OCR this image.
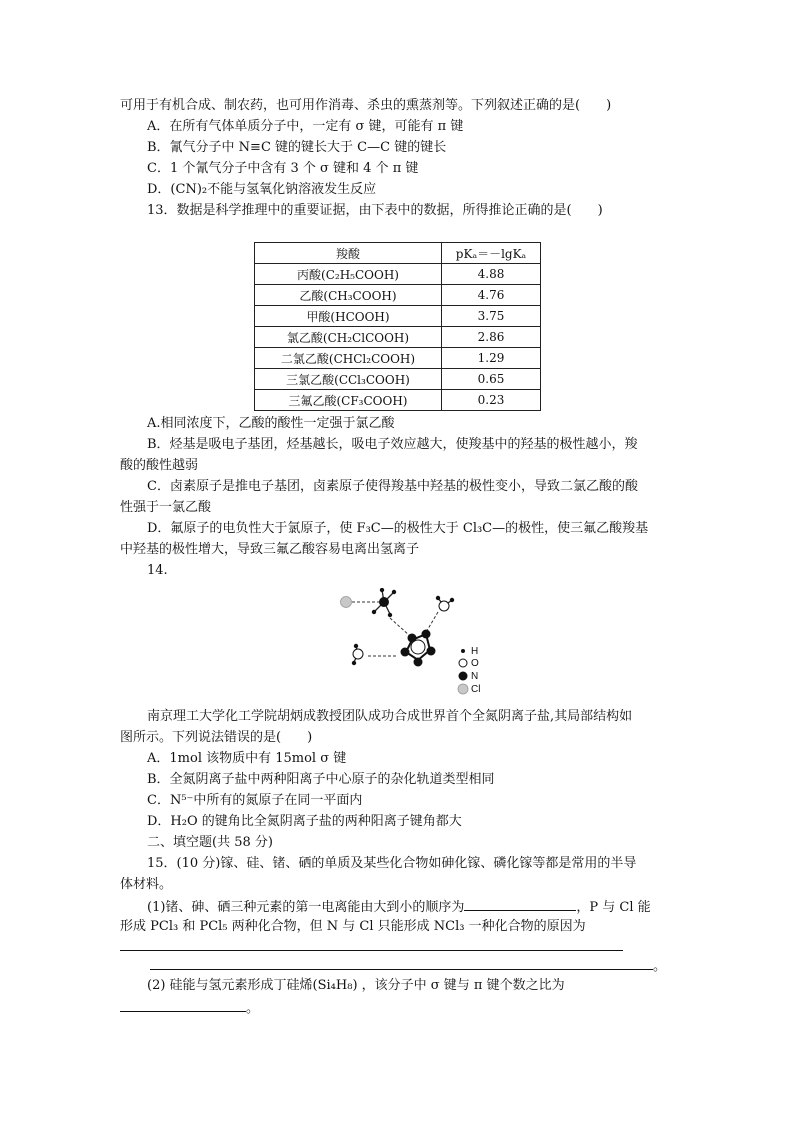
可用于有机合成、制农药，也可用作消毒、杀虫的熏蒸剂等。下列叙述正确的是(　　)
A．在所有气体单质分子中，一定有 σ 键，可能有 π 键
B．氰气分子中 N≡C 键的键长大于 C—C 键的键长
C．1 个氰气分子中含有 3 个 σ 键和 4 个 π 键
D．(CN)₂不能与氢氧化钠溶液发生反应
13．数据是科学推理中的重要证据，由下表中的数据，所得推论正确的是(　　)
羧酸	pKₐ＝－lgKₐ
丙酸(C₂H₅COOH)	4.88
乙酸(CH₃COOH)	4.76
甲酸(HCOOH)	3.75
氯乙酸(CH₂ClCOOH)	2.86
二氯乙酸(CHCl₂COOH)	1.29
三氯乙酸(CCl₃COOH)	0.65
三氟乙酸(CF₃COOH)	0.23
A.相同浓度下，乙酸的酸性一定强于氯乙酸
B．烃基是吸电子基团，烃基越长，吸电子效应越大，使羧基中的羟基的极性越小，羧
酸的酸性越弱
C．卤素原子是推电子基团，卤素原子使得羧基中羟基的极性变小，导致二氯乙酸的酸
性强于一氯乙酸
D．氟原子的电负性大于氯原子，使 F₃C—的极性大于 Cl₃C—的极性，使三氟乙酸羧基
中羟基的极性增大，导致三氟乙酸容易电离出氢离子
14.
H
O
N
Cl
南京理工大学化工学院胡炳成教授团队成功合成世界首个全氮阴离子盐,其局部结构如
图所示。下列说法错误的是(　　)
A．1mol 该物质中有 15mol σ 键
B．全氮阴离子盐中两种阳离子中心原子的杂化轨道类型相同
C．N⁵⁻中所有的氮原子在同一平面内
D．H₂O 的键角比全氮阴离子盐的两种阳离子键角都大
二、填空题(共 58 分)
15．(10 分)镓、硅、锗、硒的单质及某些化合物如砷化镓、磷化镓等都是常用的半导
体材料。
(1)锗、砷、硒三种元素的第一电离能由大到小的顺序为	，P 与 Cl 能
形成 PCl₃ 和 PCl₅ 两种化合物，但 N 与 Cl 只能形成 NCl₃ 一种化合物的原因为
。
(2) 硅能与氢元素形成丁硅烯(Si₄H₈) ，该分子中 σ 键与 π 键个数之比为
。
